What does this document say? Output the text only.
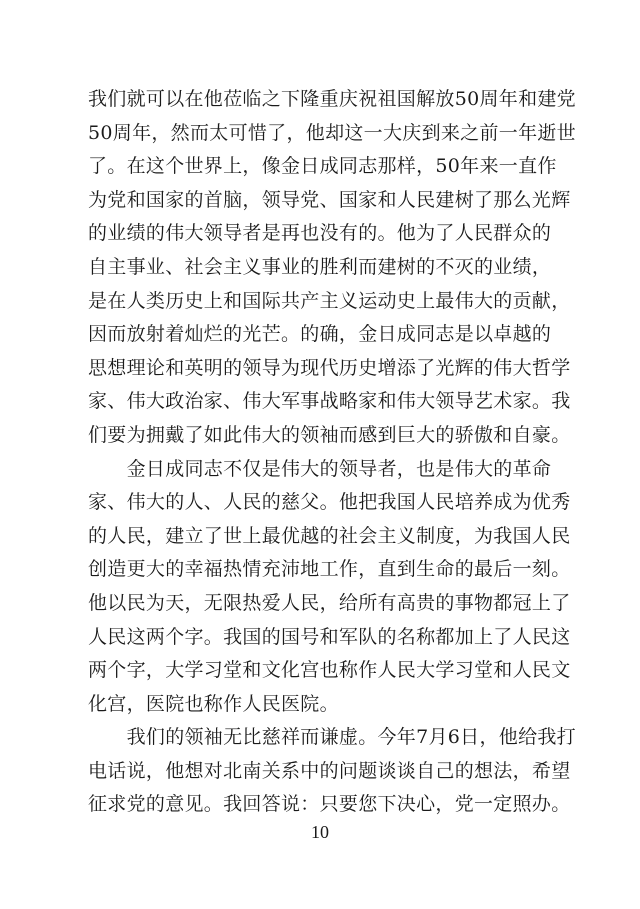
我们就可以在他莅临之下隆重庆祝祖国解放50周年和建党
50周年，然而太可惜了，他却这一大庆到来之前一年逝世
了。在这个世界上，像金日成同志那样，50年来一直作
为党和国家的首脑，领导党、国家和人民建树了那么光辉
的业绩的伟大领导者是再也没有的。他为了人民群众的
自主事业、社会主义事业的胜利而建树的不灭的业绩，
是在人类历史上和国际共产主义运动史上最伟大的贡献，
因而放射着灿烂的光芒。的确，金日成同志是以卓越的
思想理论和英明的领导为现代历史增添了光辉的伟大哲学
家、伟大政治家、伟大军事战略家和伟大领导艺术家。我
们要为拥戴了如此伟大的领袖而感到巨大的骄傲和自豪。
　　金日成同志不仅是伟大的领导者，也是伟大的革命
家、伟大的人、人民的慈父。他把我国人民培养成为优秀
的人民，建立了世上最优越的社会主义制度，为我国人民
创造更大的幸福热情充沛地工作，直到生命的最后一刻。
他以民为天，无限热爱人民，给所有高贵的事物都冠上了
人民这两个字。我国的国号和军队的名称都加上了人民这
两个字，大学习堂和文化宫也称作人民大学习堂和人民文
化宫，医院也称作人民医院。
　　我们的领袖无比慈祥而谦虚。今年7月6日，他给我打
电话说，他想对北南关系中的问题谈谈自己的想法，希望
征求党的意见。我回答说：只要您下决心，党一定照办。
10
